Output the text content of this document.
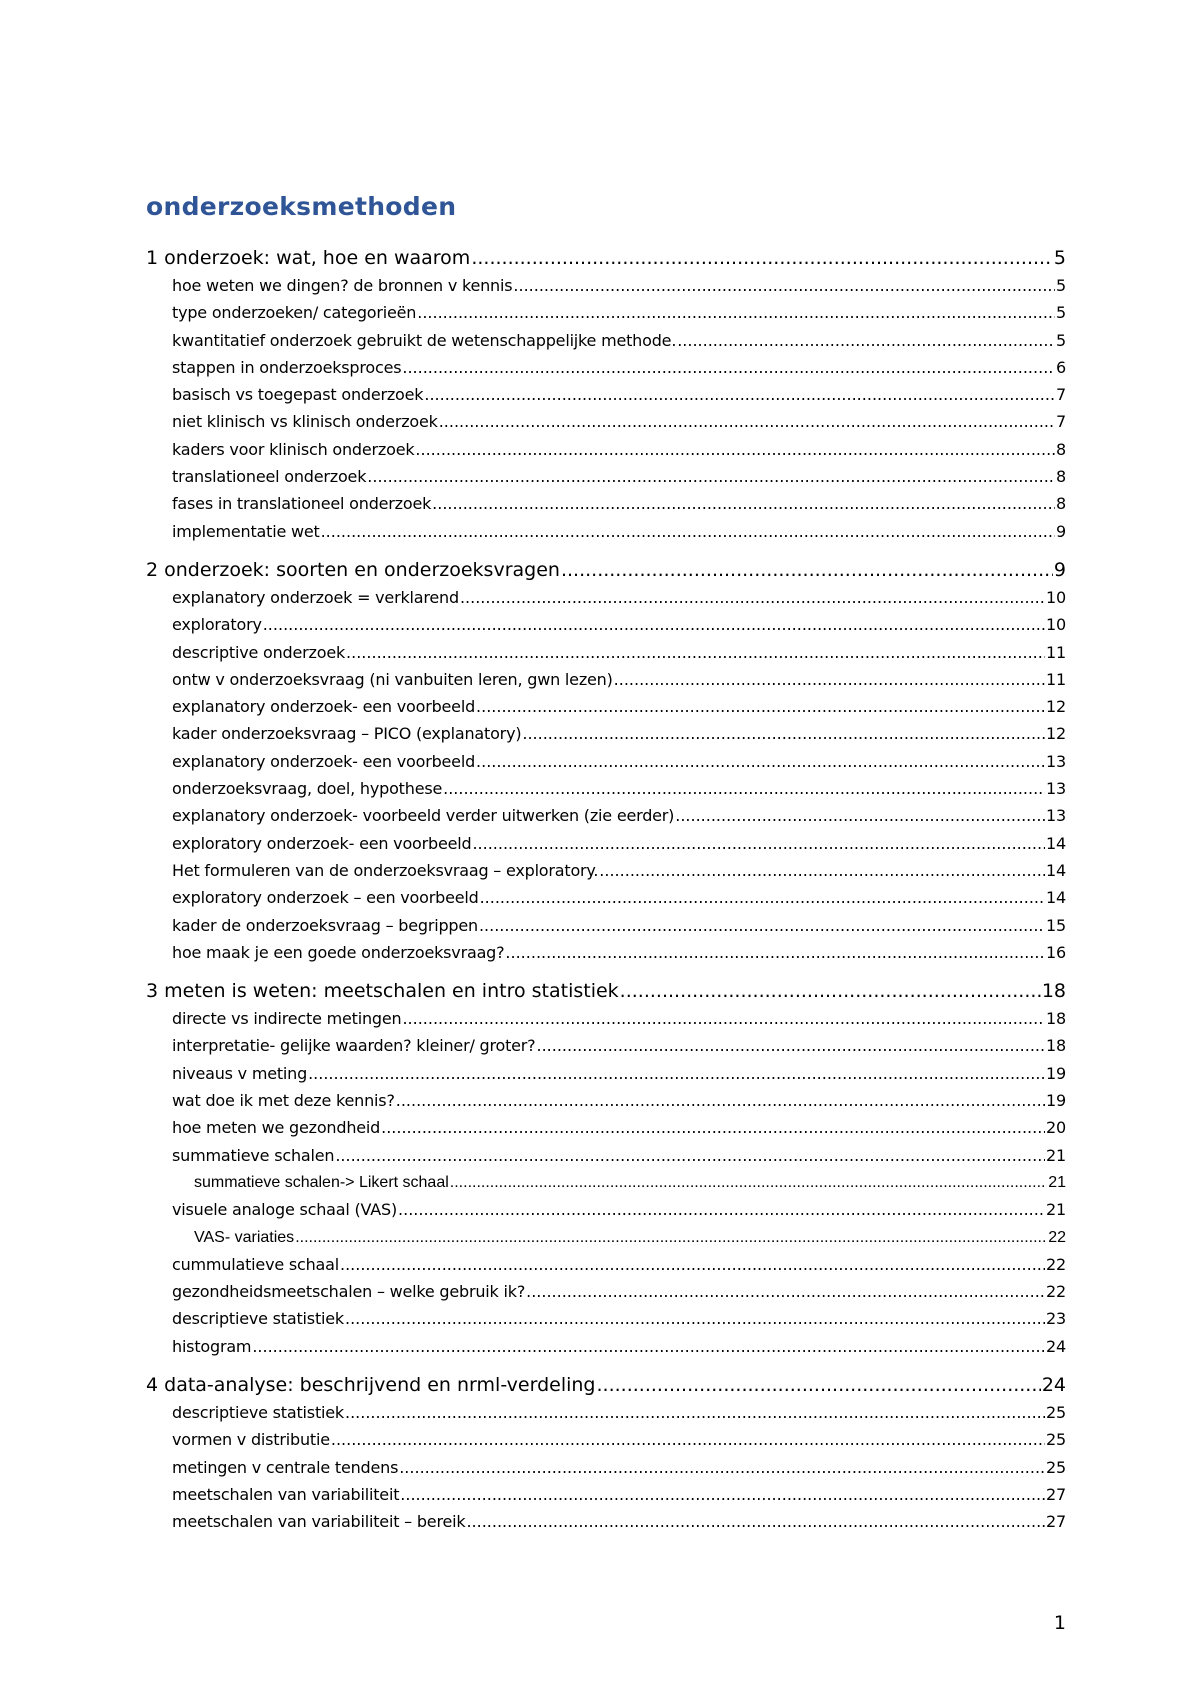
onderzoeksmethoden
1 onderzoek: wat, hoe en waarom .....	5
hoe weten we dingen? de bronnen v kennis .....	5
type onderzoeken/ categorieën .....	5
kwantitatief onderzoek gebruikt de wetenschappelijke methode. .....	5
stappen in onderzoeksproces .....	6
basisch vs toegepast onderzoek .....	7
niet klinisch vs klinisch onderzoek .....	7
kaders voor klinisch onderzoek .....	8
translationeel onderzoek .....	8
fases in translationeel onderzoek .....	8
implementatie wet .....	9
2 onderzoek: soorten en onderzoeksvragen .....	9
explanatory onderzoek = verklarend .....	10
exploratory .....	10
descriptive onderzoek .....	11
ontw v onderzoeksvraag (ni vanbuiten leren, gwn lezen) .....	11
explanatory onderzoek- een voorbeeld .....	12
kader onderzoeksvraag – PICO (explanatory) .....	12
explanatory onderzoek- een voorbeeld .....	13
onderzoeksvraag, doel, hypothese .....	13
explanatory onderzoek- voorbeeld verder uitwerken (zie eerder) .....	13
exploratory onderzoek- een voorbeeld .....	14
Het formuleren van de onderzoeksvraag – exploratory. .....	14
exploratory onderzoek – een voorbeeld .....	14
kader de onderzoeksvraag – begrippen .....	15
hoe maak je een goede onderzoeksvraag? .....	16
3 meten is weten: meetschalen en intro statistiek .....	18
directe vs indirecte metingen .....	18
interpretatie- gelijke waarden? kleiner/ groter? .....	18
niveaus v meting .....	19
wat doe ik met deze kennis? .....	19
hoe meten we gezondheid .....	20
summatieve schalen .....	21
summatieve schalen-> Likert schaal .....	21
visuele analoge schaal (VAS) .....	21
VAS- variaties .....	22
cummulatieve schaal .....	22
gezondheidsmeetschalen – welke gebruik ik? .....	22
descriptieve statistiek .....	23
histogram .....	24
4 data-analyse: beschrijvend en nrml-verdeling .....	24
descriptieve statistiek .....	25
vormen v distributie .....	25
metingen v centrale tendens .....	25
meetschalen van variabiliteit .....	27
meetschalen van variabiliteit – bereik .....	27
1
